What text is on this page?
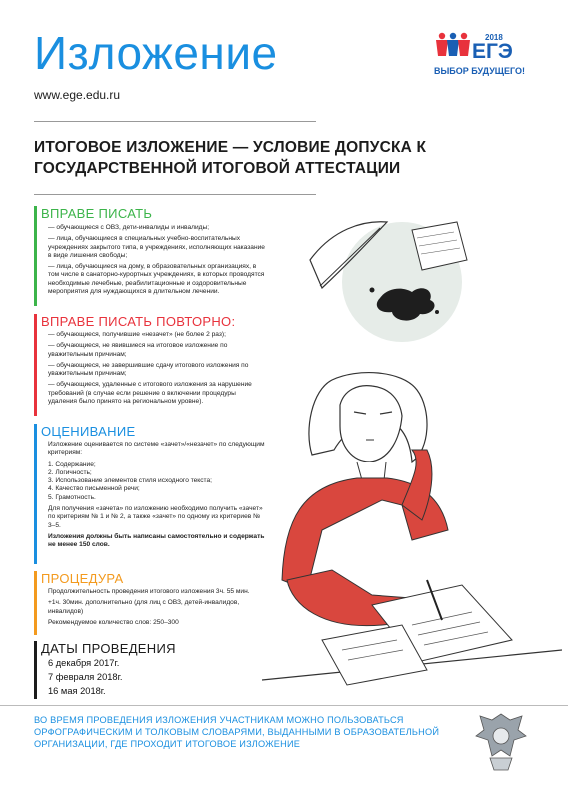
Изложение
www.ege.edu.ru
2018
ЕГЭ
ВЫБОР БУДУЩЕГО!
ИТОГОВОЕ ИЗЛОЖЕНИЕ — УСЛОВИЕ ДОПУСКА К ГОСУДАРСТВЕННОЙ ИТОГОВОЙ АТТЕСТАЦИИ
ВПРАВЕ ПИСАТЬ

— обучающиеся с ОВЗ, дети-инвалиды и инвалиды;

— лица, обучающиеся в специальных учебно-воспитательных учреждениях закрытого типа, в учреждениях, исполняющих наказание в виде лишения свободы;

— лица, обучающиеся на дому, в образовательных организациях, в том числе в санаторно-курортных учреждениях, в которых проводятся необходимые лечебные, реабилитационные и оздоровительные мероприятия для нуждающихся в длительном лечении.

ВПРАВЕ ПИСАТЬ ПОВТОРНО:

— обучающиеся, получившие «незачет» (не более 2 раз);

— обучающиеся, не явившиеся на итоговое изложение по уважительным причинам;

— обучающиеся, не завершившие сдачу итогового изложения по уважительным причинам;

— обучающиеся, удаленные с итогового изложения за нарушение требований (в случае если решение о включении процедуры удаления было принято на региональном уровне).

ОЦЕНИВАНИЕ

Изложение оценивается по системе «зачет»/«незачет» по следующим критериям:

1. Содержание;

2. Логичность;

3. Использование элементов стиля исходного текста;

4. Качество письменной речи;

5. Грамотность.

Для получения «зачета» по изложению необходимо получить «зачет» по критериям № 1 и № 2, а также «зачет» по одному из критериев № 3–5.

Изложения должны быть написаны самостоятельно и содержать не менее 150 слов.

ПРОЦЕДУРА

Продолжительность проведения итогового изложения 3ч. 55 мин.

+1ч. 30мин. дополнительно (для лиц с ОВЗ, детей-инвалидов, инвалидов)

Рекомендуемое количество слов: 250–300

ДАТЫ ПРОВЕДЕНИЯ
6 декабря 2017г.
7 февраля 2018г.
16 мая 2018г.
ВО ВРЕМЯ ПРОВЕДЕНИЯ ИЗЛОЖЕНИЯ УЧАСТНИКАМ МОЖНО ПОЛЬЗОВАТЬСЯ ОРФОГРАФИЧЕСКИМ И ТОЛКОВЫМ СЛОВАРЯМИ, ВЫДАННЫМИ В ОБРАЗОВАТЕЛЬНОЙ ОРГАНИЗАЦИИ, ГДЕ ПРОХОДИТ ИТОГОВОЕ ИЗЛОЖЕНИЕ
